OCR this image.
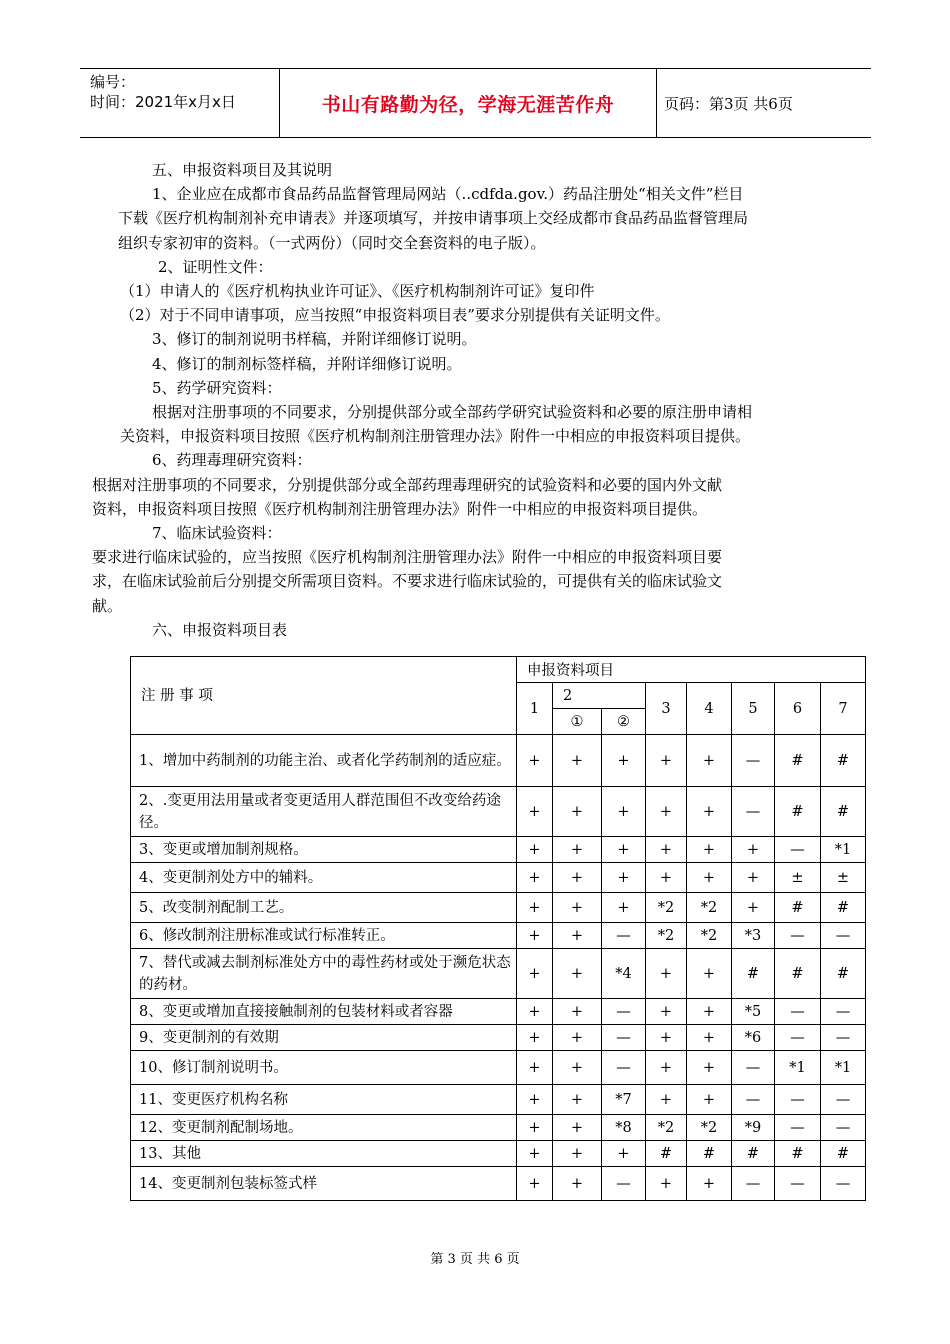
编号：
时间：2021年x月x日	书山有路勤为径，学海无涯苦作舟	页码：第3页 共6页

五、申报资料项目及其说明

1、企业应在成都市食品药品监督管理局网站（..cdfda.gov.）药品注册处“相关文件”栏目

下载《医疗机构制剂补充申请表》并逐项填写，并按申请事项上交经成都市食品药品监督管理局

组织专家初审的资料。（一式两份）（同时交全套资料的电子版）。

2、证明性文件：

（1）申请人的《医疗机构执业许可证》、《医疗机构制剂许可证》复印件

（2）对于不同申请事项，应当按照“申报资料项目表”要求分别提供有关证明文件。

3、修订的制剂说明书样稿，并附详细修订说明。

4、修订的制剂标签样稿，并附详细修订说明。

5、药学研究资料：

根据对注册事项的不同要求，分别提供部分或全部药学研究试验资料和必要的原注册申请相

关资料，申报资料项目按照《医疗机构制剂注册管理办法》附件一中相应的申报资料项目提供。

6、药理毒理研究资料：

根据对注册事项的不同要求，分别提供部分或全部药理毒理研究的试验资料和必要的国内外文献

资料，申报资料项目按照《医疗机构制剂注册管理办法》附件一中相应的申报资料项目提供。

7、临床试验资料：

要求进行临床试验的，应当按照《医疗机构制剂注册管理办法》附件一中相应的申报资料项目要

求，在临床试验前后分别提交所需项目资料。不要求进行临床试验的，可提供有关的临床试验文

献。

六、申报资料项目表

注 册 事 项	申报资料项目							
	1	2		3	4	5	6	7
		①	②					
1、增加中药制剂的功能主治、或者化学药制剂的适应症。	+	+	+	+	+	—	#	#
2、.变更用法用量或者变更适用人群范围但不改变给药途径。	+	+	+	+	+	—	#	#
3、变更或增加制剂规格。	+	+	+	+	+	+	—	*1
4、变更制剂处方中的辅料。	+	+	+	+	+	+	±	±
5、改变制剂配制工艺。	+	+	+	*2	*2	+	#	#
6、修改制剂注册标准或试行标准转正。	+	+	—	*2	*2	*3	—	—
7、替代或减去制剂标准处方中的毒性药材或处于濒危状态的药材。	+	+	*4	+	+	#	#	#
8、变更或增加直接接触制剂的包装材料或者容器	+	+	—	+	+	*5	—	—
9、变更制剂的有效期	+	+	—	+	+	*6	—	—
10、修订制剂说明书。	+	+	—	+	+	—	*1	*1
11、变更医疗机构名称	+	+	*7	+	+	—	—	—
12、变更制剂配制场地。	+	+	*8	*2	*2	*9	—	—
13、其他	+	+	+	#	#	#	#	#
14、变更制剂包装标签式样	+	+	—	+	+	—	—	—
第 3 页 共 6 页
